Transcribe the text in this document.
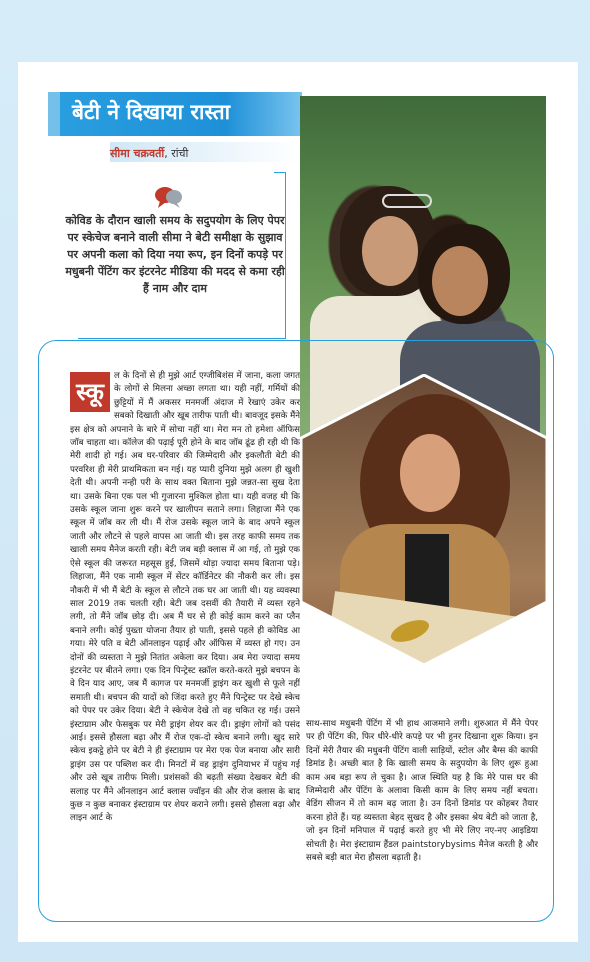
बेटी ने दिखाया रास्ता
सीमा चक्रवर्ती, रांची
कोविड के दौरान खाली समय के सदुपयोग के लिए पेपर पर स्केचेज बनाने वाली सीमा ने बेटी समीक्षा के सुझाव पर अपनी कला को दिया नया रूप, इन दिनों कपड़े पर मधुबनी पेंटिंग कर इंटरनेट मीडिया की मदद से कमा रही हैं नाम और दाम

स्कू
ल के दिनों से ही मुझे आर्ट एग्जीबिशंस में जाना, कला जगत के लोगों से मिलना अच्छा लगता था। यही नहीं, गर्मियों की छुट्टियों में मैं अकसर मनमर्जी अंदाज में रेखाएं उकेर कर सबको दिखाती और खूब तारीफ पाती थी। बावजूद इसके मैंने इस क्षेत्र को अपनाने के बारे में सोचा नहीं था। मेरा मन तो हमेशा ऑफिस जॉब चाहता था। कॉलेज की पढ़ाई पूरी होने के बाद जॉब ढूंढ ही रही थी कि मेरी शादी हो गई। अब घर-परिवार की जिम्मेदारी और इकलौती बेटी की परवरिश ही मेरी प्राथमिकता बन गई। यह प्यारी दुनिया मुझे अलग ही खुशी देती थी। अपनी नन्ही परी के साथ वक्त बिताना मुझे जन्नत-सा सुख देता था। उसके बिना एक पल भी गुजारना मुश्किल होता था। यही वजह थी कि उसके स्कूल जाना शुरू करने पर खालीपन सताने लगा। लिहाजा मैंने एक स्कूल में जॉब कर ली थी। मैं रोज उसके स्कूल जाने के बाद अपने स्कूल जाती और लौटने से पहले वापस आ जाती थी। इस तरह काफी समय तक खाली समय मैनेज करती रही। बेटी जब बड़ी क्लास में आ गई, तो मुझे एक ऐसे स्कूल की जरूरत महसूस हुई, जिसमें थोड़ा ज्यादा समय बिताना पड़े। लिहाजा, मैंने एक नामी स्कूल में सेंटर कॉर्डिनेटर की नौकरी कर ली। इस नौकरी में भी मैं बेटी के स्कूल से लौटने तक घर आ जाती थी। यह व्यवस्था साल 2019 तक चलती रही। बेटी जब दसवीं की तैयारी में व्यस्त रहने लगी, तो मैंने जॉब छोड़ दी। अब मैं घर से ही कोई काम करने का प्लैन बनाने लगी। कोई पुख्ता योजना तैयार हो पाती, इससे पहले ही कोविड आ गया। मेरे पति व बेटी ऑनलाइन पढ़ाई और ऑफिस में व्यस्त हो गए। उन दोनों की व्यस्तता ने मुझे नितांत अकेला कर दिया। अब मेरा ज्यादा समय इंटरनेट पर बीतने लगा। एक दिन पिन्ट्रेस्ट स्क्रॉल करते-करते मुझे बचपन के वे दिन याद आए, जब मैं कागज पर मनमर्जी ड्राइंग कर खुशी से फूले नहीं समाती थी। बचपन की यादों को जिंदा करते हुए मैंने पिन्ट्रेस्ट पर देखे स्केच को पेपर पर उकेर दिया। बेटी ने स्केचेज देखे तो वह चकित रह गई। उसने इंस्टाग्राम और फेसबुक पर मेरी ड्राइंग शेयर कर दी। ड्राइंग लोगों को पसंद आई। इससे हौसला बढ़ा और मैं रोज एक-दो स्केच बनाने लगी। खुद सारे स्केच इकट्ठे होने पर बेटी ने ही इंस्टाग्राम पर मेरा एक पेज बनाया और सारी ड्राइंग उस पर पब्लिश कर दी। मिनटों में वह ड्राइंग दुनियाभर में पहुंच गई और उसे खूब तारीफ मिली। प्रशंसकों की बढ़ती संख्या देखकर बेटी की सलाह पर मैंने ऑनलाइन आर्ट क्लास ज्वॉइन की और रोज क्लास के बाद कुछ न कुछ बनाकर इंस्टाग्राम पर शेयर कराने लगी। इससे हौसला बढ़ा और लाइन आर्ट के

साथ-साथ मधुबनी पेंटिंग में भी हाथ आजमाने लगी। शुरुआत में मैंने पेपर पर ही पेंटिंग की, फिर धीरे-धीरे कपड़े पर भी हुनर दिखाना शुरू किया। इन दिनों मेरी तैयार की मधुबनी पेंटिंग वाली साड़ियों, स्टोल और बैग्स की काफी डिमांड है। अच्छी बात है कि खाली समय के सदुपयोग के लिए शुरू हुआ काम अब बड़ा रूप ले चुका है। आज स्थिति यह है कि मेरे पास घर की जिम्मेदारी और पेंटिंग के अलावा किसी काम के लिए समय नहीं बचता। वेडिंग सीजन में तो काम बढ़ जाता है। उन दिनों डिमांड पर कोहबर तैयार करना होते हैं। यह व्यस्तता बेहद सुखद है और इसका श्रेय बेटी को जाता है, जो इन दिनों मनिपाल में पढ़ाई करते हुए भी मेरे लिए नए-नए आइडिया सोचती है। मेरा इंस्टाग्राम हैंडल paintstorybysims मैनेज करती है और सबसे बड़ी बात मेरा हौसला बढ़ाती है।
